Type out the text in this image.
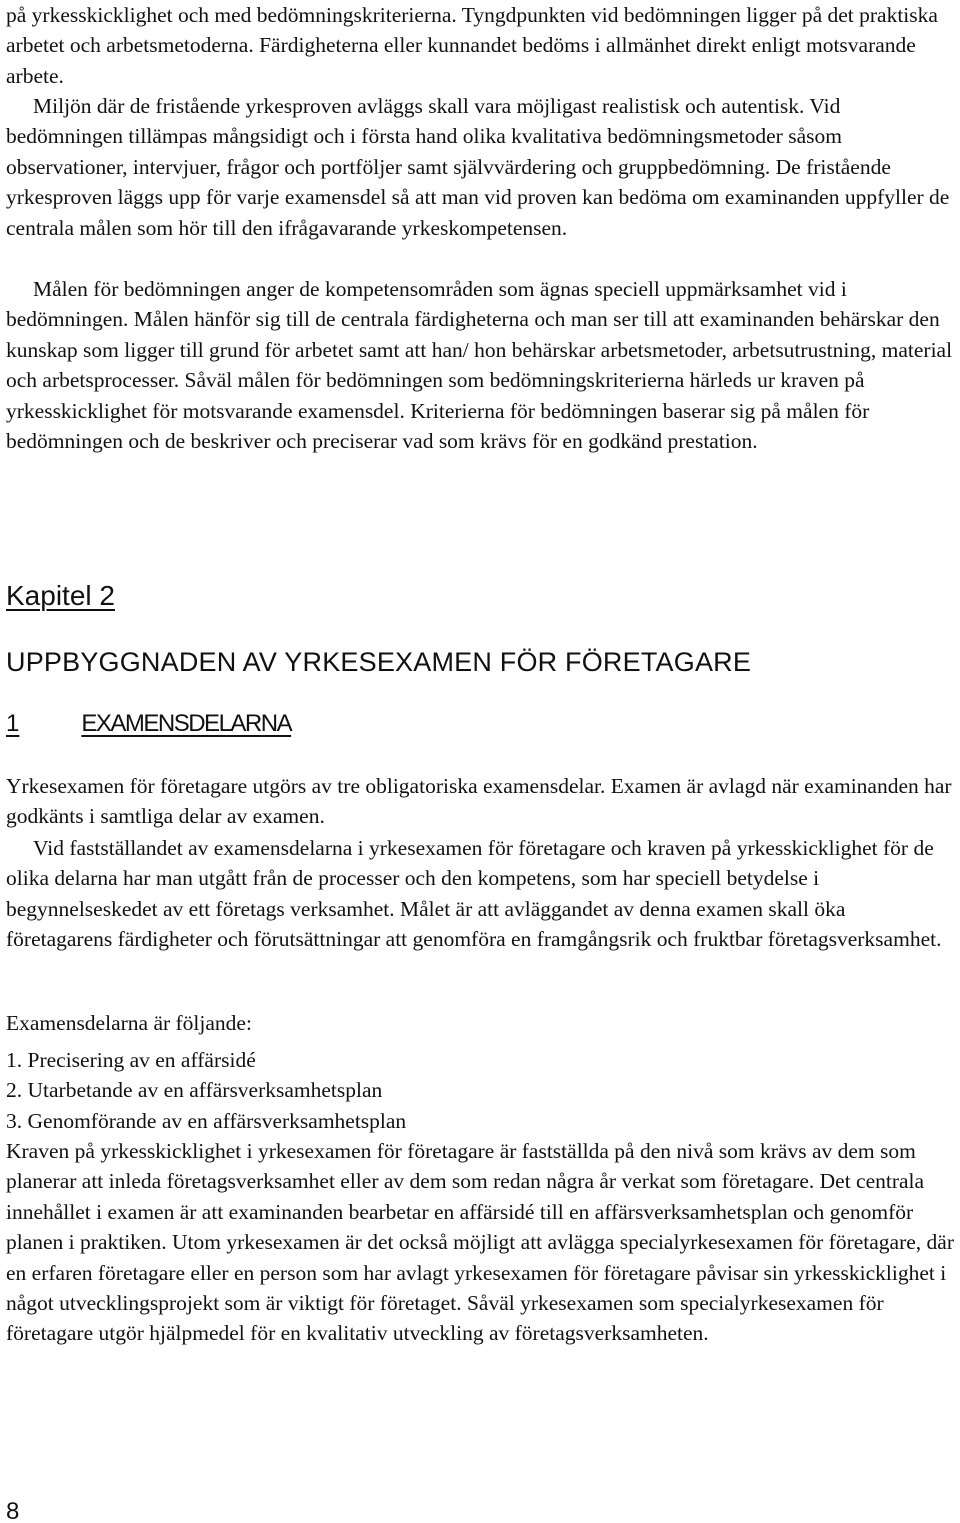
på yrkesskicklighet och med bedömningskriterierna. Tyngdpunkten vid bedömningen ligger på det praktiska arbetet och arbetsmetoderna. Färdigheterna eller kunnandet bedöms i allmänhet direkt enligt motsvarande arbete.

Miljön där de fristående yrkesproven avläggs skall vara möjligast realistisk och autentisk. Vid bedömningen tillämpas mångsidigt och i första hand olika kvalitativa bedömningsmetoder såsom observationer, intervjuer, frågor och portföljer samt självvärdering och gruppbedömning. De fristående yrkesproven läggs upp för varje examensdel så att man vid proven kan bedöma om examinanden uppfyller de centrala målen som hör till den ifrågavarande yrkeskompetensen.

Målen för bedömningen anger de kompetensområden som ägnas speciell uppmärksamhet vid i bedömningen. Målen hänför sig till de centrala färdigheterna och man ser till att examinanden behärskar den kunskap som ligger till grund för arbetet samt att han/ hon behärskar arbetsmetoder, arbetsutrustning, material och arbetsprocesser. Såväl målen för bedömningen som bedömningskriterierna härleds ur kraven på yrkesskicklighet för motsvarande examensdel. Kriterierna för bedömningen baserar sig på målen för bedömningen och de beskriver och preciserar vad som krävs för en godkänd prestation.

Kapitel 2
UPPBYGGNADEN AV YRKESEXAMEN FÖR FÖRETAGARE
1	EXAMENSDELARNA

Yrkesexamen för företagare utgörs av tre obligatoriska examensdelar. Examen är avlagd när examinanden har godkänts i samtliga delar av examen.

Vid fastställandet av examensdelarna i yrkesexamen för företagare och kraven på yrkesskicklighet för de olika delarna har man utgått från de processer och den kompetens, som har speciell betydelse i begynnelseskedet av ett företags verksamhet. Målet är att avläggandet av denna examen skall öka företagarens färdigheter och förutsättningar att genomföra en framgångsrik och fruktbar företagsverksamhet.

Examensdelarna är följande:

1. Precisering av en affärsidé
2. Utarbetande av en affärsverksamhetsplan
3. Genomförande av en affärsverksamhetsplan

Kraven på yrkesskicklighet i yrkesexamen för företagare är fastställda på den nivå som krävs av dem som planerar att inleda företagsverksamhet eller av dem som redan några år verkat som företagare. Det centrala innehållet i examen är att examinanden bearbetar en affärsidé till en affärsverksamhetsplan och genomför planen i praktiken. Utom yrkesexamen är det också möjligt att avlägga specialyrkesexamen för företagare, där en erfaren företagare eller en person som har avlagt yrkesexamen för företagare påvisar sin yrkesskicklighet i något utvecklingsprojekt som är viktigt för företaget. Såväl yrkesexamen som specialyrkesexamen för företagare utgör hjälpmedel för en kvalitativ utveckling av företagsverksamheten.

8
